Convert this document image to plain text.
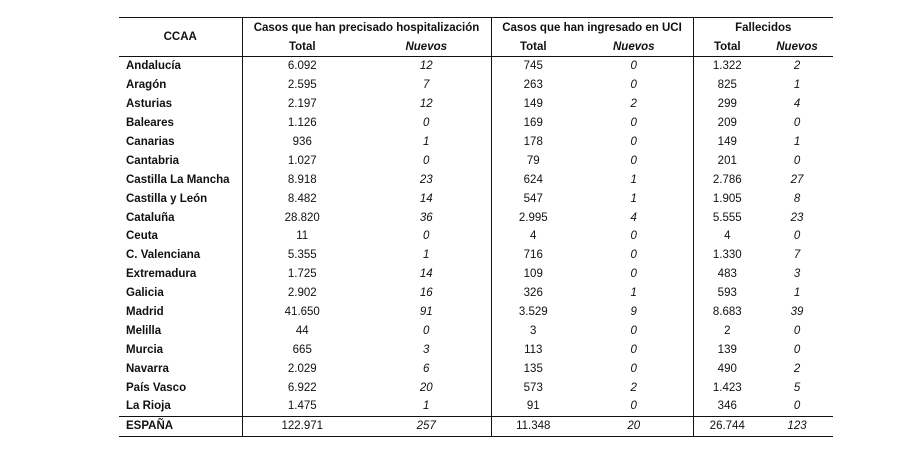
CCAA	Casos que han precisado hospitalización		Casos que han ingresado en UCI		Fallecidos	
	Total	Nuevos	Total	Nuevos	Total	Nuevos
Andalucía	6.092	12	745	0	1.322	2
Aragón	2.595	7	263	0	825	1
Asturias	2.197	12	149	2	299	4
Baleares	1.126	0	169	0	209	0
Canarias	936	1	178	0	149	1
Cantabria	1.027	0	79	0	201	0
Castilla La Mancha	8.918	23	624	1	2.786	27
Castilla y León	8.482	14	547	1	1.905	8
Cataluña	28.820	36	2.995	4	5.555	23
Ceuta	11	0	4	0	4	0
C. Valenciana	5.355	1	716	0	1.330	7
Extremadura	1.725	14	109	0	483	3
Galicia	2.902	16	326	1	593	1
Madrid	41.650	91	3.529	9	8.683	39
Melilla	44	0	3	0	2	0
Murcia	665	3	113	0	139	0
Navarra	2.029	6	135	0	490	2
País Vasco	6.922	20	573	2	1.423	5
La Rioja	1.475	1	91	0	346	0
ESPAÑA	122.971	257	11.348	20	26.744	123
